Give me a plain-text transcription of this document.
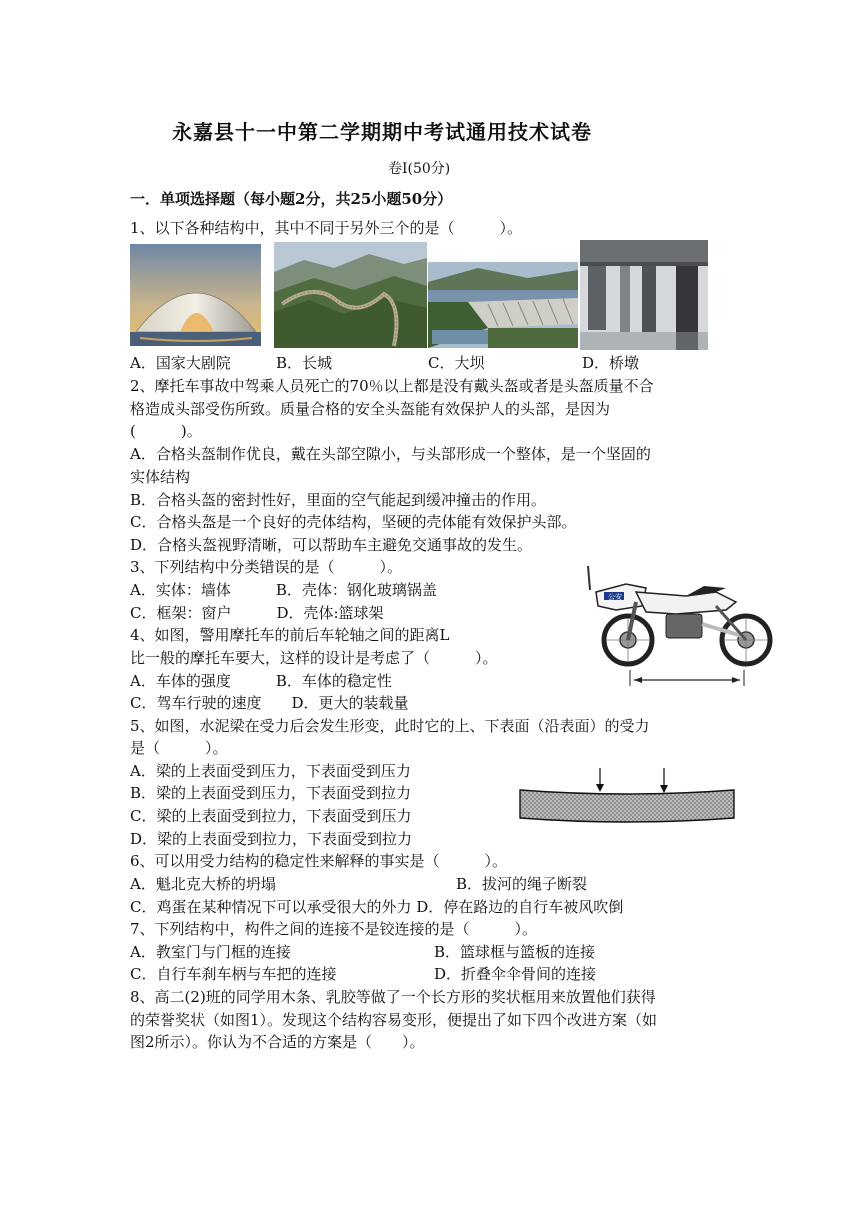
永嘉县十一中第二学期期中考试通用技术试卷
卷Ⅰ(50分)
一．单项选择题（每小题2分，共25小题50分）
1、以下各种结构中，其中不同于另外三个的是（　　　）。
A．国家大剧院	B．长城	C．大坝	D．桥墩
2、摩托车事故中驾乘人员死亡的70％以上都是没有戴头盔或者是头盔质量不合
格造成头部受伤所致。质量合格的安全头盔能有效保护人的头部，是因为
(　　　)。
A．合格头盔制作优良，戴在头部空隙小，与头部形成一个整体，是一个坚固的
实体结构
B．合格头盔的密封性好，里面的空气能起到缓冲撞击的作用。
C．合格头盔是一个良好的壳体结构，坚硬的壳体能有效保护头部。
D．合格头盔视野清晰，可以帮助车主避免交通事故的发生。
3、下列结构中分类错误的是（　　　）。
A．实体：墙体　　　B．壳体：钢化玻璃锅盖
C．框架：窗户　　　D．壳体:篮球架
公安
4、如图，警用摩托车的前后车轮轴之间的距离L
比一般的摩托车要大，这样的设计是考虑了（　　　）。
A．车体的强度　　　B．车体的稳定性
C．驾车行驶的速度　　D．更大的装载量
5、如图，水泥梁在受力后会发生形变，此时它的上、下表面（沿表面）的受力
是（　　　）。
A．梁的上表面受到压力，下表面受到压力
B．梁的上表面受到压力，下表面受到拉力
C．梁的上表面受到拉力，下表面受到压力
D．梁的上表面受到拉力，下表面受到拉力
6、可以用受力结构的稳定性来解释的事实是（　　　）。
A．魁北克大桥的坍塌	B．拔河的绳子断裂
C．鸡蛋在某种情况下可以承受很大的外力 D．停在路边的自行车被风吹倒
7、下列结构中，构件之间的连接不是铰连接的是（　　　）。
A．教室门与门框的连接	B．篮球框与篮板的连接
C．自行车刹车柄与车把的连接	D．折叠伞伞骨间的连接
8、高二(2)班的同学用木条、乳胶等做了一个长方形的奖状框用来放置他们获得
的荣誉奖状（如图1）。发现这个结构容易变形，便提出了如下四个改进方案（如
图2所示）。你认为不合适的方案是（　　）。
